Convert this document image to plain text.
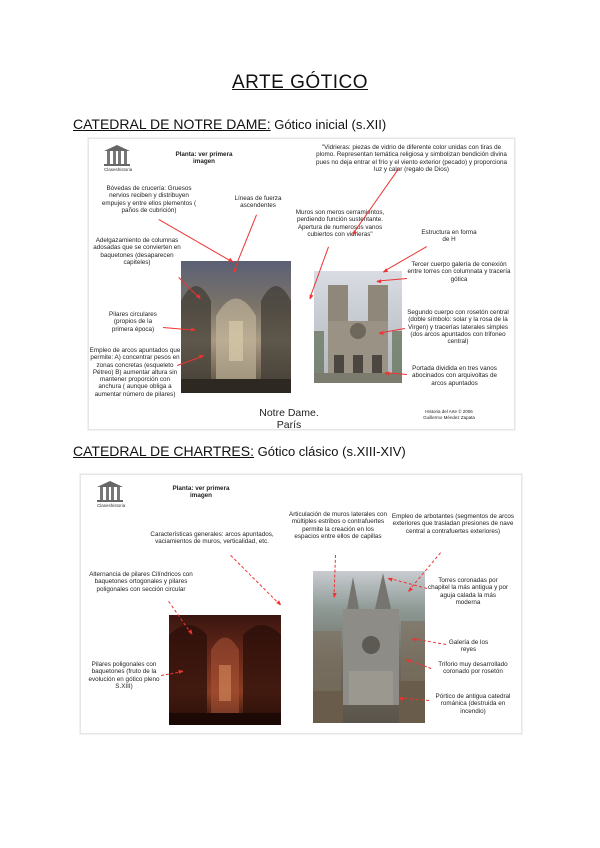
ARTE GÓTICO
CATEDRAL DE NOTRE DAME: Gótico inicial (s.XII)
Claseshistoria
Planta: ver primera imagen
"Vidrieras: piezas de vidrio de diferente color unidas con tiras de plomo. Representan temática religiosa y simbolizan bendición divina pues no deja entrar el frío y el viento exterior (pecado) y proporciona luz y calor (regalo de Dios)
Bóvedas de crucería: Gruesos nervios reciben y distribuyen empujes y entre ellos plementos ( paños de cubrición)
Líneas de fuerza ascendentes
Muros son meros cerramientos, perdiendo función sustentante. Apertura de numerosos vanos cubiertos con vidrieras"	Estructura en forma de H
Adelgazamiento de columnas adosadas que se convierten en baquetones (desaparecen capiteles)	Tercer cuerpo galería de conexión entre torres con columnata y tracería gótica
Pilares circulares (propios de la primera época)
Segundo cuerpo con rosetón central (doble símbolo: solar y la rosa de la Virgen) y tracerías laterales simples (dos arcos apuntados con trifoneo central)
Empleo de arcos apuntados que permite: A) concentrar pesos en zonas concretas (esqueleto Pétreo) B) aumentar altura sin mantener proporción con anchura ( aunque obliga a aumentar número de pilares)
Portada dividida en tres vanos abocinados con arquivoltas de arcos apuntados
Notre Dame.
París
Historia del Arte © 2006 Guillermo Méndez Zapata
CATEDRAL DE CHARTRES: Gótico clásico (s.XIII-XIV)
Claseshistoria
Planta: ver primera imagen
Características generales: arcos apuntados, vaciamientos de muros, verticalidad, etc.
Articulación de muros laterales con múltiples estribos o contrafuertes permite la creación en los espacios entre ellos de capillas
Empleo de arbotantes (segmentos de arcos exteriores que trasladan presiones de nave central a contrafuertes exteriores)
Alternancia de pilares Cilíndricos con baquetones ortogonales y pilares poligonales con sección circular
Torres coronadas por chapitel la más antigua y por aguja calada la más moderna
Galería de los reyes
Pilares poligonales con baquetones (fruto de la evolución en gótico pleno S.XIII)
Triforio muy desarrollado coronado por rosetón
Pórtico de antigua catedral románica (destruida en incendio)
